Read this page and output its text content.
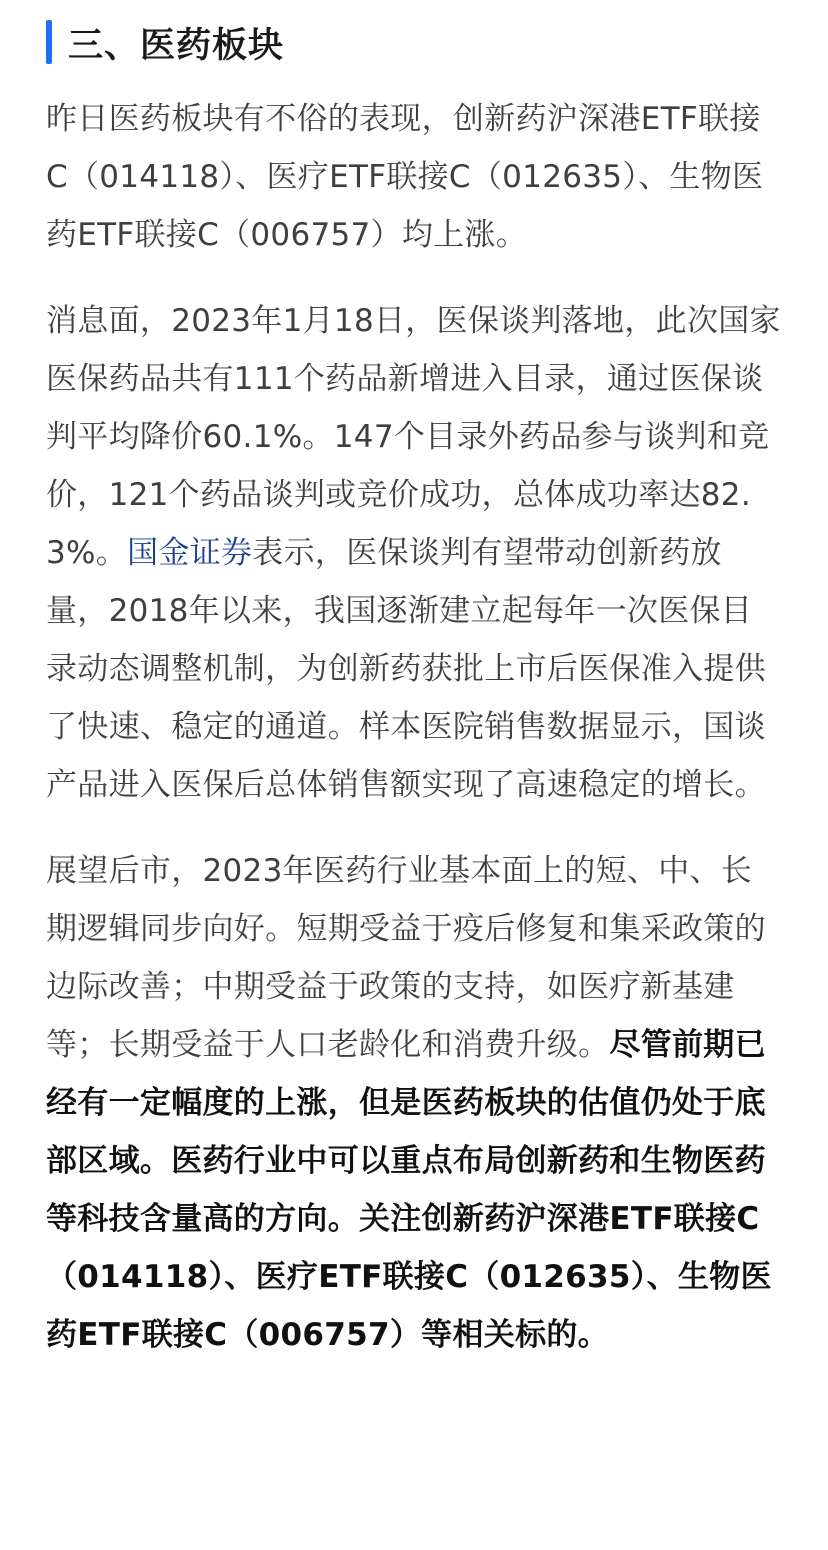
三、医药板块

昨日医药板块有不俗的表现，创新药沪深港ETF联接C（014118）、医疗ETF联接C（012635）、生物医药ETF联接C（006757）均上涨。

消息面，2023年1月18日，医保谈判落地，此次国家医保药品共有111个药品新增进入目录，通过医保谈判平均降价60.1%。147个目录外药品参与谈判和竞价，121个药品谈判或竞价成功，总体成功率达82.3%。国金证券表示，医保谈判有望带动创新药放量，2018年以来，我国逐渐建立起每年一次医保目录动态调整机制，为创新药获批上市后医保准入提供了快速、稳定的通道。样本医院销售数据显示，国谈产品进入医保后总体销售额实现了高速稳定的增长。

展望后市，2023年医药行业基本面上的短、中、长期逻辑同步向好。短期受益于疫后修复和集采政策的边际改善；中期受益于政策的支持，如医疗新基建等；长期受益于人口老龄化和消费升级。尽管前期已经有一定幅度的上涨，但是医药板块的估值仍处于底部区域。医药行业中可以重点布局创新药和生物医药等科技含量高的方向。关注创新药沪深港ETF联接C（014118）、医疗ETF联接C（012635）、生物医药ETF联接C（006757）等相关标的。
